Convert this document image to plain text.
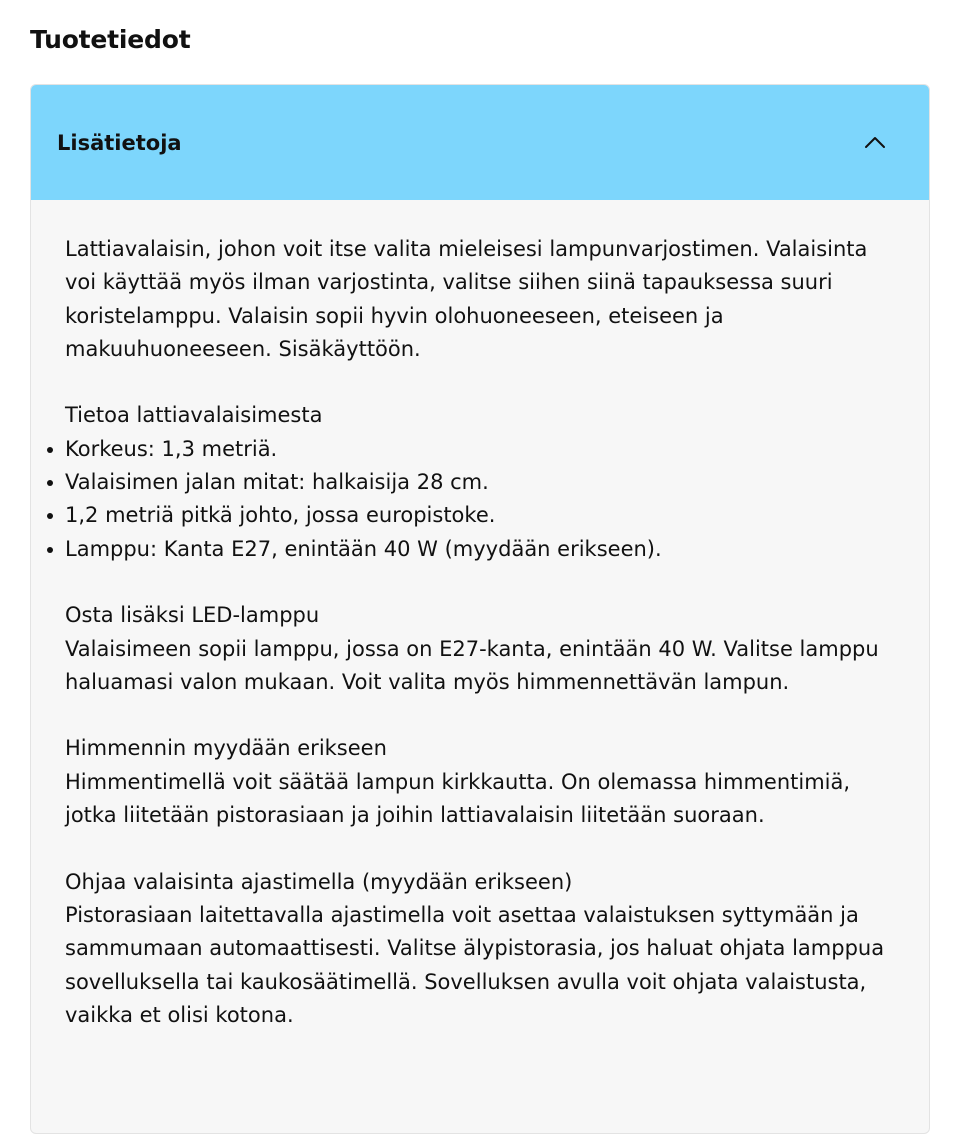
Tuotetiedot
Lisätietoja

Lattiavalaisin, johon voit itse valita mieleisesi lampunvarjostimen. Valaisinta voi käyttää myös ilman varjostinta, valitse siihen siinä tapauksessa suuri koristelamppu. Valaisin sopii hyvin olohuoneeseen, eteiseen ja makuuhuoneeseen. Sisäkäyttöön.

Tietoa lattiavalaisimesta
Korkeus: 1,3 metriä.
Valaisimen jalan mitat: halkaisija 28 cm.
1,2 metriä pitkä johto, jossa europistoke.
Lamppu: Kanta E27, enintään 40 W (myydään erikseen).
Osta lisäksi LED-lamppu
Valaisimeen sopii lamppu, jossa on E27-kanta, enintään 40 W. Valitse lamppu haluamasi valon mukaan. Voit valita myös himmennettävän lampun.
Himmennin myydään erikseen
Himmentimellä voit säätää lampun kirkkautta. On olemassa himmentimiä, jotka liitetään pistorasiaan ja joihin lattiavalaisin liitetään suoraan.
Ohjaa valaisinta ajastimella (myydään erikseen)
Pistorasiaan laitettavalla ajastimella voit asettaa valaistuksen syttymään ja sammumaan automaattisesti. Valitse älypistorasia, jos haluat ohjata lamppua sovelluksella tai kaukosäätimellä. Sovelluksen avulla voit ohjata valaistusta, vaikka et olisi kotona.
